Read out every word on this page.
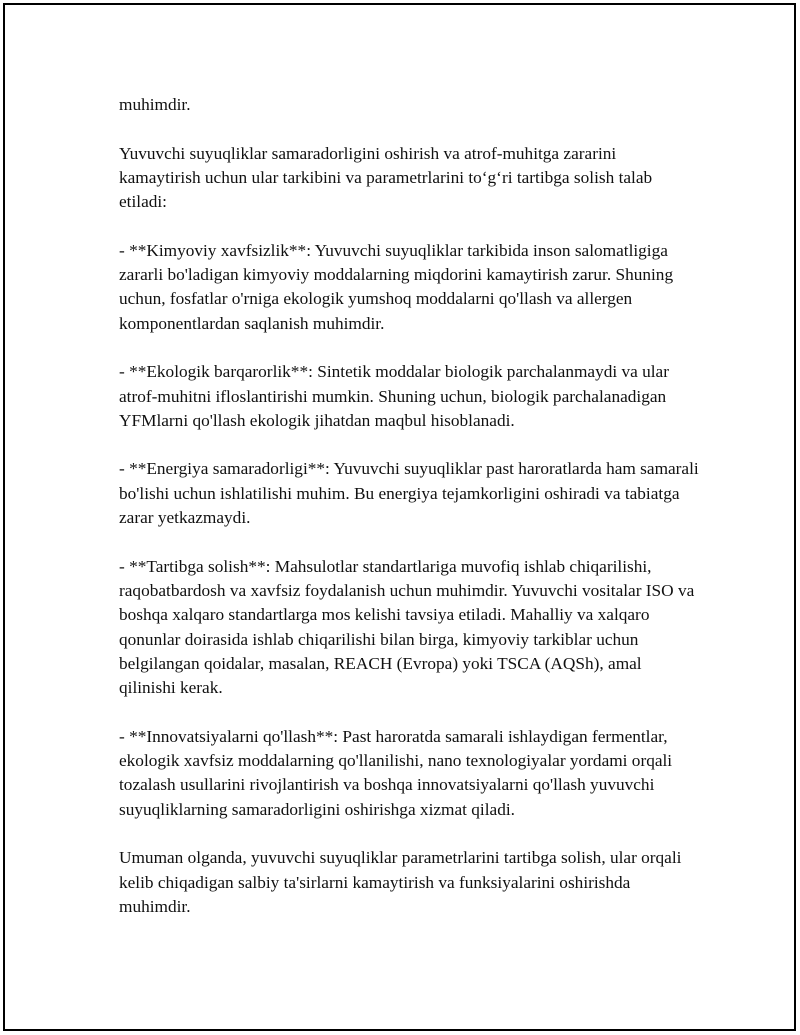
muhimdir.

Yuvuvchi suyuqliklar samaradorligini oshirish va atrof-muhitga zararini kamaytirish uchun ular tarkibini va parametrlarini to‘g‘ri tartibga solish talab etiladi:

- **Kimyoviy xavfsizlik**: Yuvuvchi suyuqliklar tarkibida inson salomatligiga zararli bo'ladigan kimyoviy moddalarning miqdorini kamaytirish zarur. Shuning uchun, fosfatlar o'rniga ekologik yumshoq moddalarni qo'llash va allergen komponentlardan saqlanish muhimdir.

- **Ekologik barqarorlik**: Sintetik moddalar biologik parchalanmaydi va ular atrof-muhitni ifloslantirishi mumkin. Shuning uchun, biologik parchalanadigan YFMlarni qo'llash ekologik jihatdan maqbul hisoblanadi.

- **Energiya samaradorligi**: Yuvuvchi suyuqliklar past haroratlarda ham samarali bo'lishi uchun ishlatilishi muhim. Bu energiya tejamkorligini oshiradi va tabiatga zarar yetkazmaydi.

- **Tartibga solish**: Mahsulotlar standartlariga muvofiq ishlab chiqarilishi, raqobatbardosh va xavfsiz foydalanish uchun muhimdir. Yuvuvchi vositalar ISO va boshqa xalqaro standartlarga mos kelishi tavsiya etiladi. Mahalliy va xalqaro qonunlar doirasida ishlab chiqarilishi bilan birga, kimyoviy tarkiblar uchun belgilangan qoidalar, masalan, REACH (Evropa) yoki TSCA (AQSh), amal qilinishi kerak.

- **Innovatsiyalarni qo'llash**: Past haroratda samarali ishlaydigan fermentlar, ekologik xavfsiz moddalarning qo'llanilishi, nano texnologiyalar yordami orqali tozalash usullarini rivojlantirish va boshqa innovatsiyalarni qo'llash yuvuvchi suyuqliklarning samaradorligini oshirishga xizmat qiladi.

Umuman olganda, yuvuvchi suyuqliklar parametrlarini tartibga solish, ular orqali kelib chiqadigan salbiy ta'sirlarni kamaytirish va funksiyalarini oshirishda muhimdir.
